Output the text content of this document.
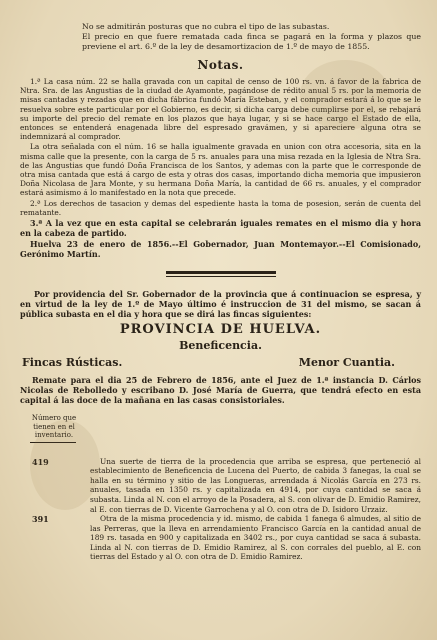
No se admitirán posturas que no cubra el tipo de las subastas.
El precio en que fuere rematada cada finca se pagará en la forma y plazos que previene el art. 6.º de la ley de desamortizacion de 1.º de mayo de 1855.
Notas.

1.ª La casa núm. 22 se halla gravada con un capital de censo de 100 rs. vn. á favor de la fabrica de Ntra. Sra. de las Angustias de la ciudad de Ayamonte, pagándose de rédito anual 5 rs. por la memoria de misas cantadas y rezadas que en dicha fábrica fundó María Esteban, y el comprador estará á lo que se le resuelva sobre este particular por el Gobierno, es decir, si dicha carga debe cumplirse por el, se rebajará su importe del precio del remate en los plazos que haya lugar, y si se hace cargo el Estado de ella, entonces se entenderá enagenada libre del espresado gravámen, y si apareciere alguna otra se indemnizará al comprador.

La otra señalada con el núm. 16 se halla igualmente gravada en union con otra accesoria, sita en la misma calle que la presente, con la carga de 5 rs. anuales para una misa rezada en la Iglesia de Ntra Sra. de las Angustias que fundó Doña Francisca de los Santos, y ademas con la parte que le corresponde de otra misa cantada que está á cargo de esta y otras dos casas, importando dicha memoria que impusieron Doña Nicolasa de Jara Monte, y su hermana Doña María, la cantidad de 66 rs. anuales, y el comprador estará asimismo á lo manifestado en la nota que precede.

2.ª Los derechos de tasacion y demas del espediente hasta la toma de posesion, serán de cuenta del rematante.

3.ª A la vez que en esta capital se celebrarán iguales remates en el mismo dia y hora en la cabeza de partido.

Huelva 23 de enero de 1856.--El Gobernador, Juan Montemayor.--El Comisionado, Gerónimo Martín.

Por providencia del Sr. Gobernador de la provincia que á continuacion se espresa, y en virtud de la ley de 1.º de Mayo último é instruccion de 31 del mismo, se sacan á pública subasta en el dia y hora que se dirá las fincas siguientes:

PROVINCIA DE HUELVA.
Beneficencia.
Fincas Rústicas.	Menor Cuantia.

Remate para el dia 25 de Febrero de 1856, ante el Juez de 1.ª instancia D. Cárlos Nicolas de Rebolledo y escribano D. José María de Guerra, que tendrá efecto en esta capital á las doce de la mañana en las casas consistoriales.

Número que tienen en el inventario.
419	Una suerte de tierra de la procedencia que arriba se espresa, que perteneció al establecimiento de Beneficencia de Lucena del Puerto, de cabida 3 fanegas, la cual se halla en su término y sitio de las Longueras, arrendada á Nicolás García en 273 rs. anuales, tasada en 1350 rs. y capitalizada en 4914, por cuya cantidad se saca á subasta. Linda al N. con el arroyo de la Posadera, al S. con olivar de D. Emidio Ramirez, al E. con tierras de D. Vicente Garrochena y al O. con otra de D. Isidoro Urzaiz.
391	Otra de la misma procedencia y id. mismo, de cabida 1 fanega 6 almudes, al sitio de las Perreras, que la lleva en arrendamiento Francisco García en la cantidad anual de 189 rs. tasada en 900 y capitalizada en 3402 rs., por cuya cantidad se saca á subasta. Linda al N. con tierras de D. Emidio Ramirez, al S. con corrales del pueblo, al E. con tierras del Estado y al O. con otra de D. Emidio Ramirez.
